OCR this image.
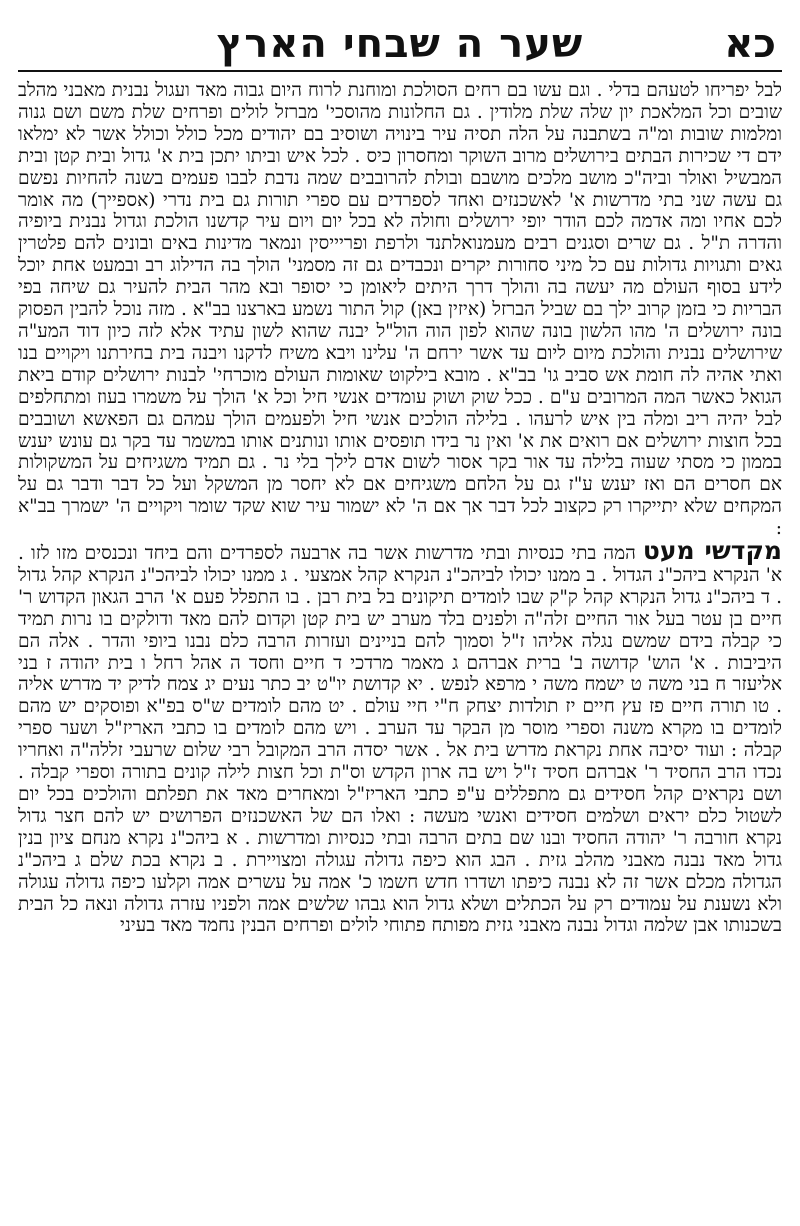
שער ה שבחי הארץ	כא

לבל יפריחו לטעהם בדלי . וגם עשו בם רחים הסולכת ומוחנת לרוח היום גבוה מאד ועגול נבנית מאבני מהלב שובים וכל המלאכת יון שלה שלת מלודין . גם החלונות מהוסכי' מברזל לולים ופרחים שלת משם ושם גנוה ומלמות שובות ומ"ה בשתבנה על הלה תסיה עיר בינויה ושוסיב בם יהודים מכל כולל וכולל אשר לא ימלאו ידם די שכירות הבתים בירושלים מרוב השוקר ומחסרון כיס . לכל איש וביתו יתכן בית א' גדול ובית קטן ובית המבשיל ואולר וביה"כ מושב מלכים מושבם ובולת להרובבים שמה נדבת לבבו פעמים בשנה להחיות נפשם גם עשה שני בתי מדרשות א' לאשכנזים ואחד לספרדים עם ספרי תורות גם בית נדרי (אספייך) מה אומר לכם אחיו ומה אדמה לכם הודר יופי ירושלים וחולה לא בכל יום ויום עיר קדשנו הולכת וגדול נבנית ביופיה והדרה ת"ל . גם שרים וסגנים רבים מעמנואלתנד ולרפת ופריייסין ונמאר מדינות באים ובונים להם פלטרין גאים ותגויות גדולות עם כל מיני סחורות יקרים ונכבדים גם זה מסמני' הולך בה הדילוג רב ובמעט אחת יוכל לידע בסוף העולם מה יעשה בה והולך דרך היתים ליאומן כי יסופר ובא מהר הבית להעיר גם שיחה בפי הבריות כי בזמן קרוב ילך בם שביל הברזל (איזין באן) קול התור נשמע בארצנו בב"א . מזה נוכל להבין הפסוק בונה ירושלים ה' מהו הלשון בונה שהוא לפון הוה הול"ל יבנה שהוא לשון עתיד אלא לזה כיון דוד המע"ה שירושלים נבנית והולכת מיום ליום עד אשר ירחם ה' עלינו ויבא משיח לדקנו ויבנה בית בחירתנו ויקויים בנו ואתי אהיה לה חומת אש סביב גו' בב"א . מובא בילקוט שאומות העולם מוכרחי' לבנות ירושלים קודם ביאת הגואל כאשר המה המרובים ע"ם . ככל שוק ושוק עומדים אנשי חיל וכל א' הולך על משמרו בעוז ומתחלפים לבל יהיה ריב ומלה בין איש לרעהו . בלילה הולכים אנשי חיל ולפעמים הולך עמהם גם הפאשא ושובבים בכל חוצות ירושלים אם רואים את א' ואין נר בידו תופסים אותו ונותנים אותו במשמר עד בקר גם עונש יענש בממון כי מסתי שעוה בלילה עד אור בקר אסור לשום אדם לילך בלי נר . גם תמיד משגיחים על המשקולות אם חסרים הם ואז יענש ע"ז גם על הלחם משגיחים אם לא יחסר מן המשקל ועל כל דבר ודבר גם על המקחים שלא יתייקרו רק כקצוב לכל דבר אך אם ה' לא ישמור עיר שוא שקד שומר ויקויים ה' ישמרך בב"א :

מקדשי מעט המה בתי כנסיות ובתי מדרשות אשר בה ארבעה לספרדים והם ביחד ונכנסים מזו לזו . א' הנקרא ביהכ"נ הגדול . ב ממנו יכולו לביהכ"נ הנקרא קהל אמצעי . ג ממנו יכולו לביהכ"נ הנקרא קהל גדול . ד ביהכ"נ גדול הנקרא קהל ק"ק שבו לומדים תיקונים בל בית רבן . בו התפלל פעם א' הרב הגאון הקדוש ר' חיים בן עטר בעל אור החיים זלה"ה ולפנים בלד מערב יש בית קטן וקדום להם מאד ודולקים בו נרות תמיד כי קבלה בידם שמשם נגלה אליהו ז"ל וסמוך להם בניינים ועזרות הרבה כלם נבנו ביופי והדר . אלה הם היביבות . א' הוש' קדושה ב' ברית אברהם ג מאמר מרדכי ד חיים וחסד ה אהל רחל ו בית יהודה ז בני אליעזר ח בני משה ט ישמח משה י מרפא לנפש . יא קדושת יו"ט יב כתר נעים יג צמח לדיק יד מדרש אליה . טו תורה חיים פז עץ חיים יז תולדות יצחק ח"י חיי עולם . יט מהם לומדים ש"ס בפ"א ופוסקים יש מהם לומדים בו מקרא משנה וספרי מוסר מן הבקר עד הערב . ויש מהם לומדים בו כתבי האריז"ל ושער ספרי קבלה : ועוד יסיבה אחת נקראת מדרש בית אל . אשר יסדה הרב המקובל רבי שלום שרעבי זללה"ה ואחריו נכדו הרב החסיד ר' אברהם חסיד ז"ל ויש בה ארון הקדש וס"ת וכל חצות לילה קונים בתורה וספרי קבלה . ושם נקראים קהל חסידים גם מתפללים ע"פ כתבי האריז"ל ומאחרים מאד את תפלתם והולכים בכל יום לשטול כלם יראים ושלמים חסידים ואנשי מעשה : ואלו הם של האשכנזים הפרושים יש להם חצר גדול נקרא חורבה ר' יהודה החסיד ובנו שם בתים הרבה ובתי כנסיות ומדרשות . א ביהכ"נ נקרא מנחם ציון בנין גדול מאד נבנה מאבני מהלב גזית . הבג הוא כיפה גדולה עגולה ומצויירת . ב נקרא בכת שלם ג ביהכ"נ הגדולה מכלם אשר זה לא נבנה כיפתו ושדרו חדש חשמו כ' אמה על עשרים אמה וקלעו כיפה גדולה עגולה ולא נשענת על עמודים רק על הכתלים ושלא גדול הוא גבהו שלשים אמה ולפניו עזרה גדולה ונאה כל הבית בשכנותו אבן שלמה וגדול נבנה מאבני גזית מפותח פתוחי לולים ופרחים הבנין נחמד מאד בעיני
